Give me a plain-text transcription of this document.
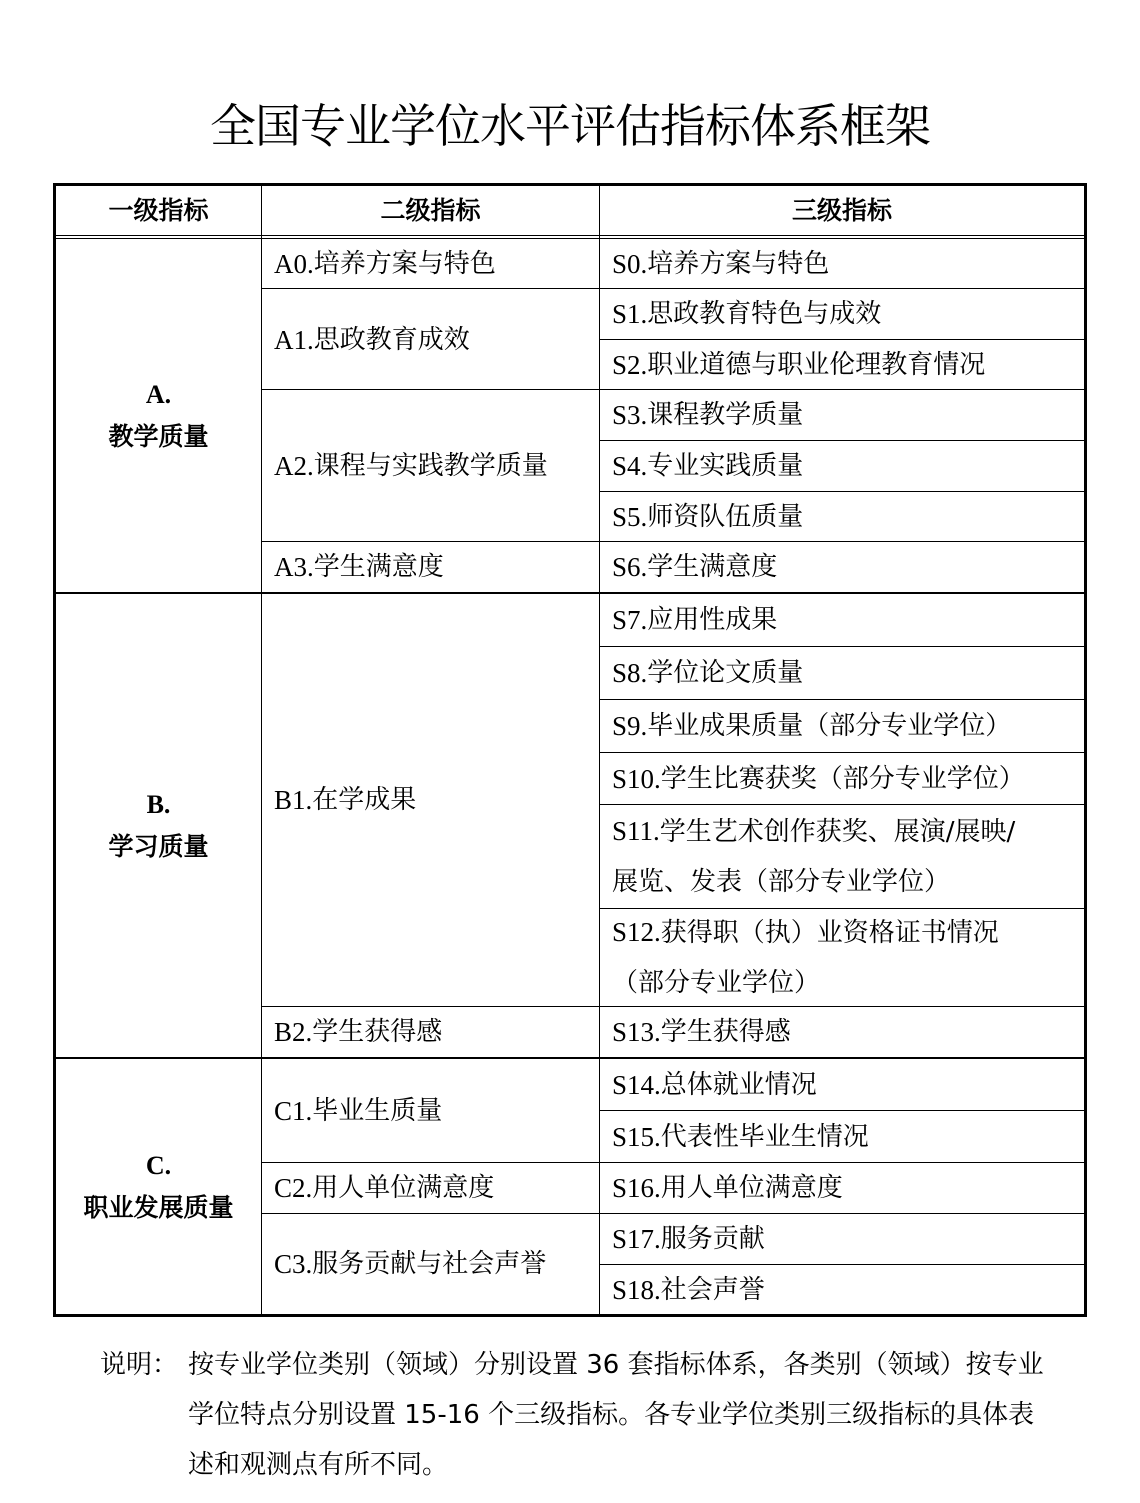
全国专业学位水平评估指标体系框架
一级指标	二级指标	三级指标
A.
教学质量
B.
学习质量
C.
职业发展质量
A0. 培养方案与特色
A1. 思政教育成效
A2. 课程与实践教学质量
A3. 学生满意度
B1. 在学成果
B2. 学生获得感
C1. 毕业生质量
C2. 用人单位满意度
C3. 服务贡献与社会声誉
S0. 培养方案与特色
S1. 思政教育特色与成效
S2. 职业道德与职业伦理教育情况
S3. 课程教学质量
S4. 专业实践质量
S5. 师资队伍质量
S6. 学生满意度
S7. 应用性成果
S8. 学位论文质量
S9. 毕业成果质量（部分专业学位）
S10. 学生比赛获奖（部分专业学位）
S11.学生艺术创作获奖、展演/展映/
展览、发表（部分专业学位）
S12.获得职（执）业资格证书情况
（部分专业学位）
S13. 学生获得感
S14. 总体就业情况
S15. 代表性毕业生情况
S16. 用人单位满意度
S17. 服务贡献
S18. 社会声誉
说明： 按专业学位类别（领域）分别设置 36 套指标体系，各类别（领域）按专业学位特点分别设置 15-16 个三级指标。各专业学位类别三级指标的具体表述和观测点有所不同。
